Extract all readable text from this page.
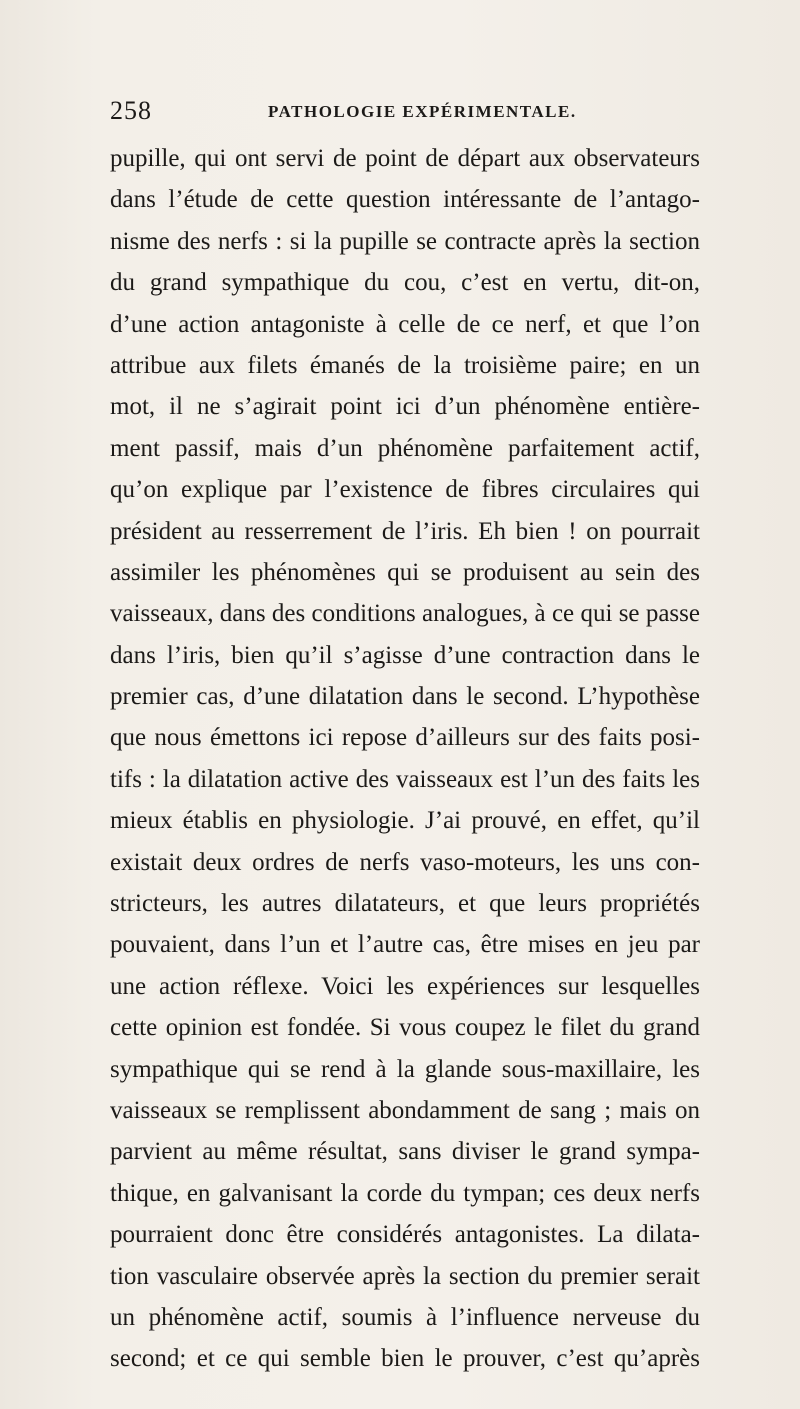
258	PATHOLOGIE EXPÉRIMENTALE.
pupille, qui ont servi de point de départ aux observateurs
dans l’étude de cette question intéressante de l’antago-
nisme des nerfs : si la pupille se contracte après la section
du grand sympathique du cou, c’est en vertu, dit-on,
d’une action antagoniste à celle de ce nerf, et que l’on
attribue aux filets émanés de la troisième paire; en un
mot, il ne s’agirait point ici d’un phénomène entière-
ment passif, mais d’un phénomène parfaitement actif,
qu’on explique par l’existence de fibres circulaires qui
président au resserrement de l’iris. Eh bien ! on pourrait
assimiler les phénomènes qui se produisent au sein des
vaisseaux, dans des conditions analogues, à ce qui se passe
dans l’iris, bien qu’il s’agisse d’une contraction dans le
premier cas, d’une dilatation dans le second. L’hypothèse
que nous émettons ici repose d’ailleurs sur des faits posi-
tifs : la dilatation active des vaisseaux est l’un des faits les
mieux établis en physiologie. J’ai prouvé, en effet, qu’il
existait deux ordres de nerfs vaso-moteurs, les uns con-
stricteurs, les autres dilatateurs, et que leurs propriétés
pouvaient, dans l’un et l’autre cas, être mises en jeu par
une action réflexe. Voici les expériences sur lesquelles
cette opinion est fondée. Si vous coupez le filet du grand
sympathique qui se rend à la glande sous-maxillaire, les
vaisseaux se remplissent abondamment de sang ; mais on
parvient au même résultat, sans diviser le grand sympa-
thique, en galvanisant la corde du tympan; ces deux nerfs
pourraient donc être considérés antagonistes. La dilata-
tion vasculaire observée après la section du premier serait
un phénomène actif, soumis à l’influence nerveuse du
second; et ce qui semble bien le prouver, c’est qu’après
